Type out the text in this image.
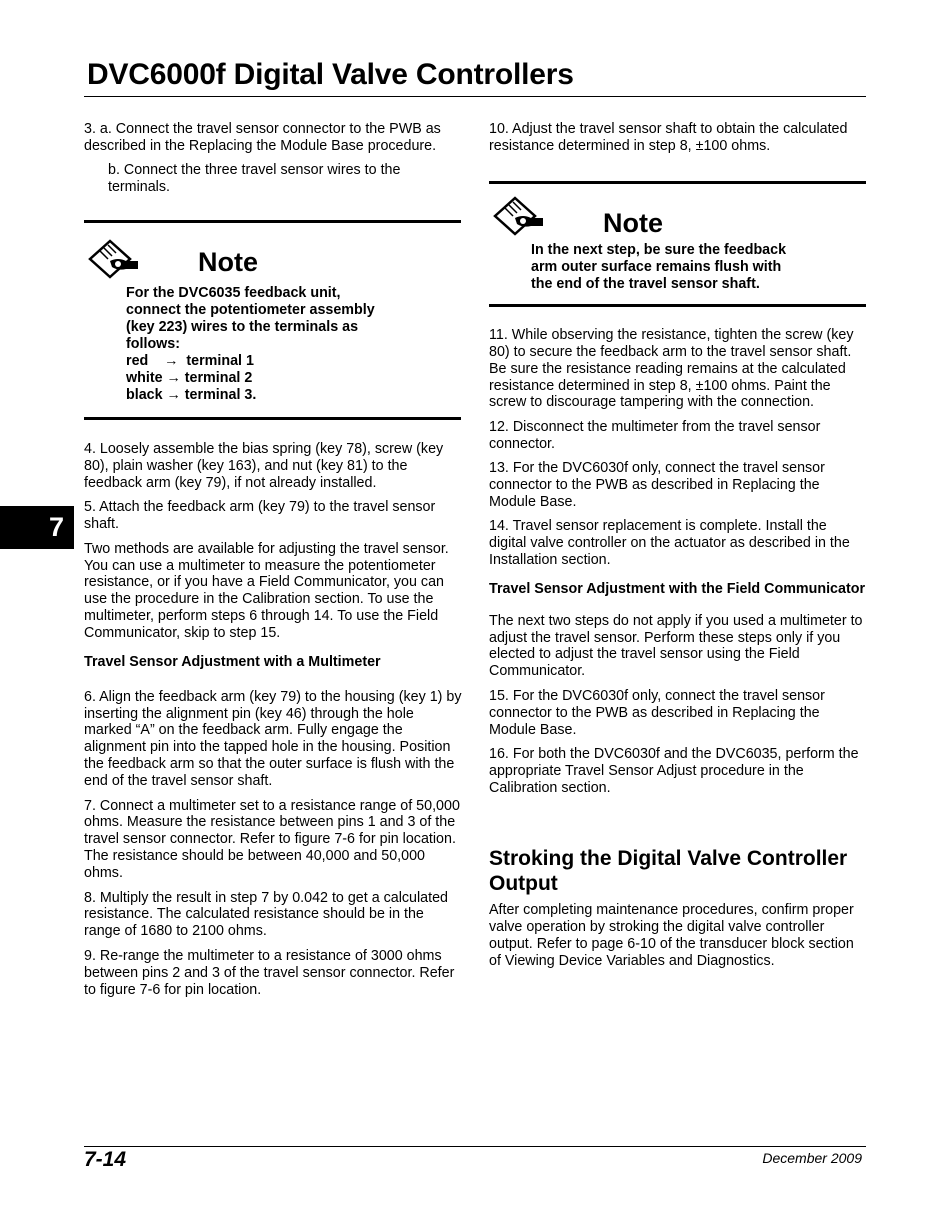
DVC6000f Digital Valve Controllers
7

3. a. Connect the travel sensor connector to the PWB as described in the Replacing the Module Base procedure.

b. Connect the three travel sensor wires to the terminals.

Note
For the DVC6035 feedback unit,
connect the potentiometer assembly
(key 223) wires to the terminals as
follows:
red    →  terminal 1
white → terminal 2
black → terminal 3.

4. Loosely assemble the bias spring (key 78), screw (key 80), plain washer (key 163), and nut (key 81) to the feedback arm (key 79), if not already installed.

5. Attach the feedback arm (key 79) to the travel sensor shaft.

Two methods are available for adjusting the travel sensor. You can use a multimeter to measure the potentiometer resistance, or if you have a Field Communicator, you can use the procedure in the Calibration section. To use the multimeter, perform steps 6 through 14. To use the Field Communicator, skip to step 15.

Travel Sensor Adjustment with a Multimeter

6. Align the feedback arm (key 79) to the housing (key 1) by inserting the alignment pin (key 46) through the hole marked “A” on the feedback arm. Fully engage the alignment pin into the tapped hole in the housing. Position the feedback arm so that the outer surface is flush with the end of the travel sensor shaft.

7. Connect a multimeter set to a resistance range of 50,000 ohms. Measure the resistance between pins 1 and 3 of the travel sensor connector. Refer to figure 7-6 for pin location. The resistance should be between 40,000 and 50,000 ohms.

8. Multiply the result in step 7 by 0.042 to get a calculated resistance. The calculated resistance should be in the range of 1680 to 2100 ohms.

9. Re-range the multimeter to a resistance of 3000 ohms between pins 2 and 3 of the travel sensor connector. Refer to figure 7-6 for pin location.

10. Adjust the travel sensor shaft to obtain the calculated resistance determined in step 8, ±100 ohms.

Note
In the next step, be sure the feedback
arm outer surface remains flush with
the end of the travel sensor shaft.

11. While observing the resistance, tighten the screw (key 80) to secure the feedback arm to the travel sensor shaft. Be sure the resistance reading remains at the calculated resistance determined in step 8, ±100 ohms. Paint the screw to discourage tampering with the connection.

12. Disconnect the multimeter from the travel sensor connector.

13. For the DVC6030f only, connect the travel sensor connector to the PWB as described in Replacing the Module Base.

14. Travel sensor replacement is complete. Install the digital valve controller on the actuator as described in the Installation section.

Travel Sensor Adjustment with the Field Communicator

The next two steps do not apply if you used a multimeter to adjust the travel sensor. Perform these steps only if you elected to adjust the travel sensor using the Field Communicator.

15. For the DVC6030f only, connect the travel sensor connector to the PWB as described in Replacing the Module Base.

16. For both the DVC6030f and the DVC6035, perform the appropriate Travel Sensor Adjust procedure in the Calibration section.

Stroking the Digital Valve Controller Output

After completing maintenance procedures, confirm proper valve operation by stroking the digital valve controller output. Refer to page 6-10 of the transducer block section of Viewing Device Variables and Diagnostics.

7-14	December 2009
